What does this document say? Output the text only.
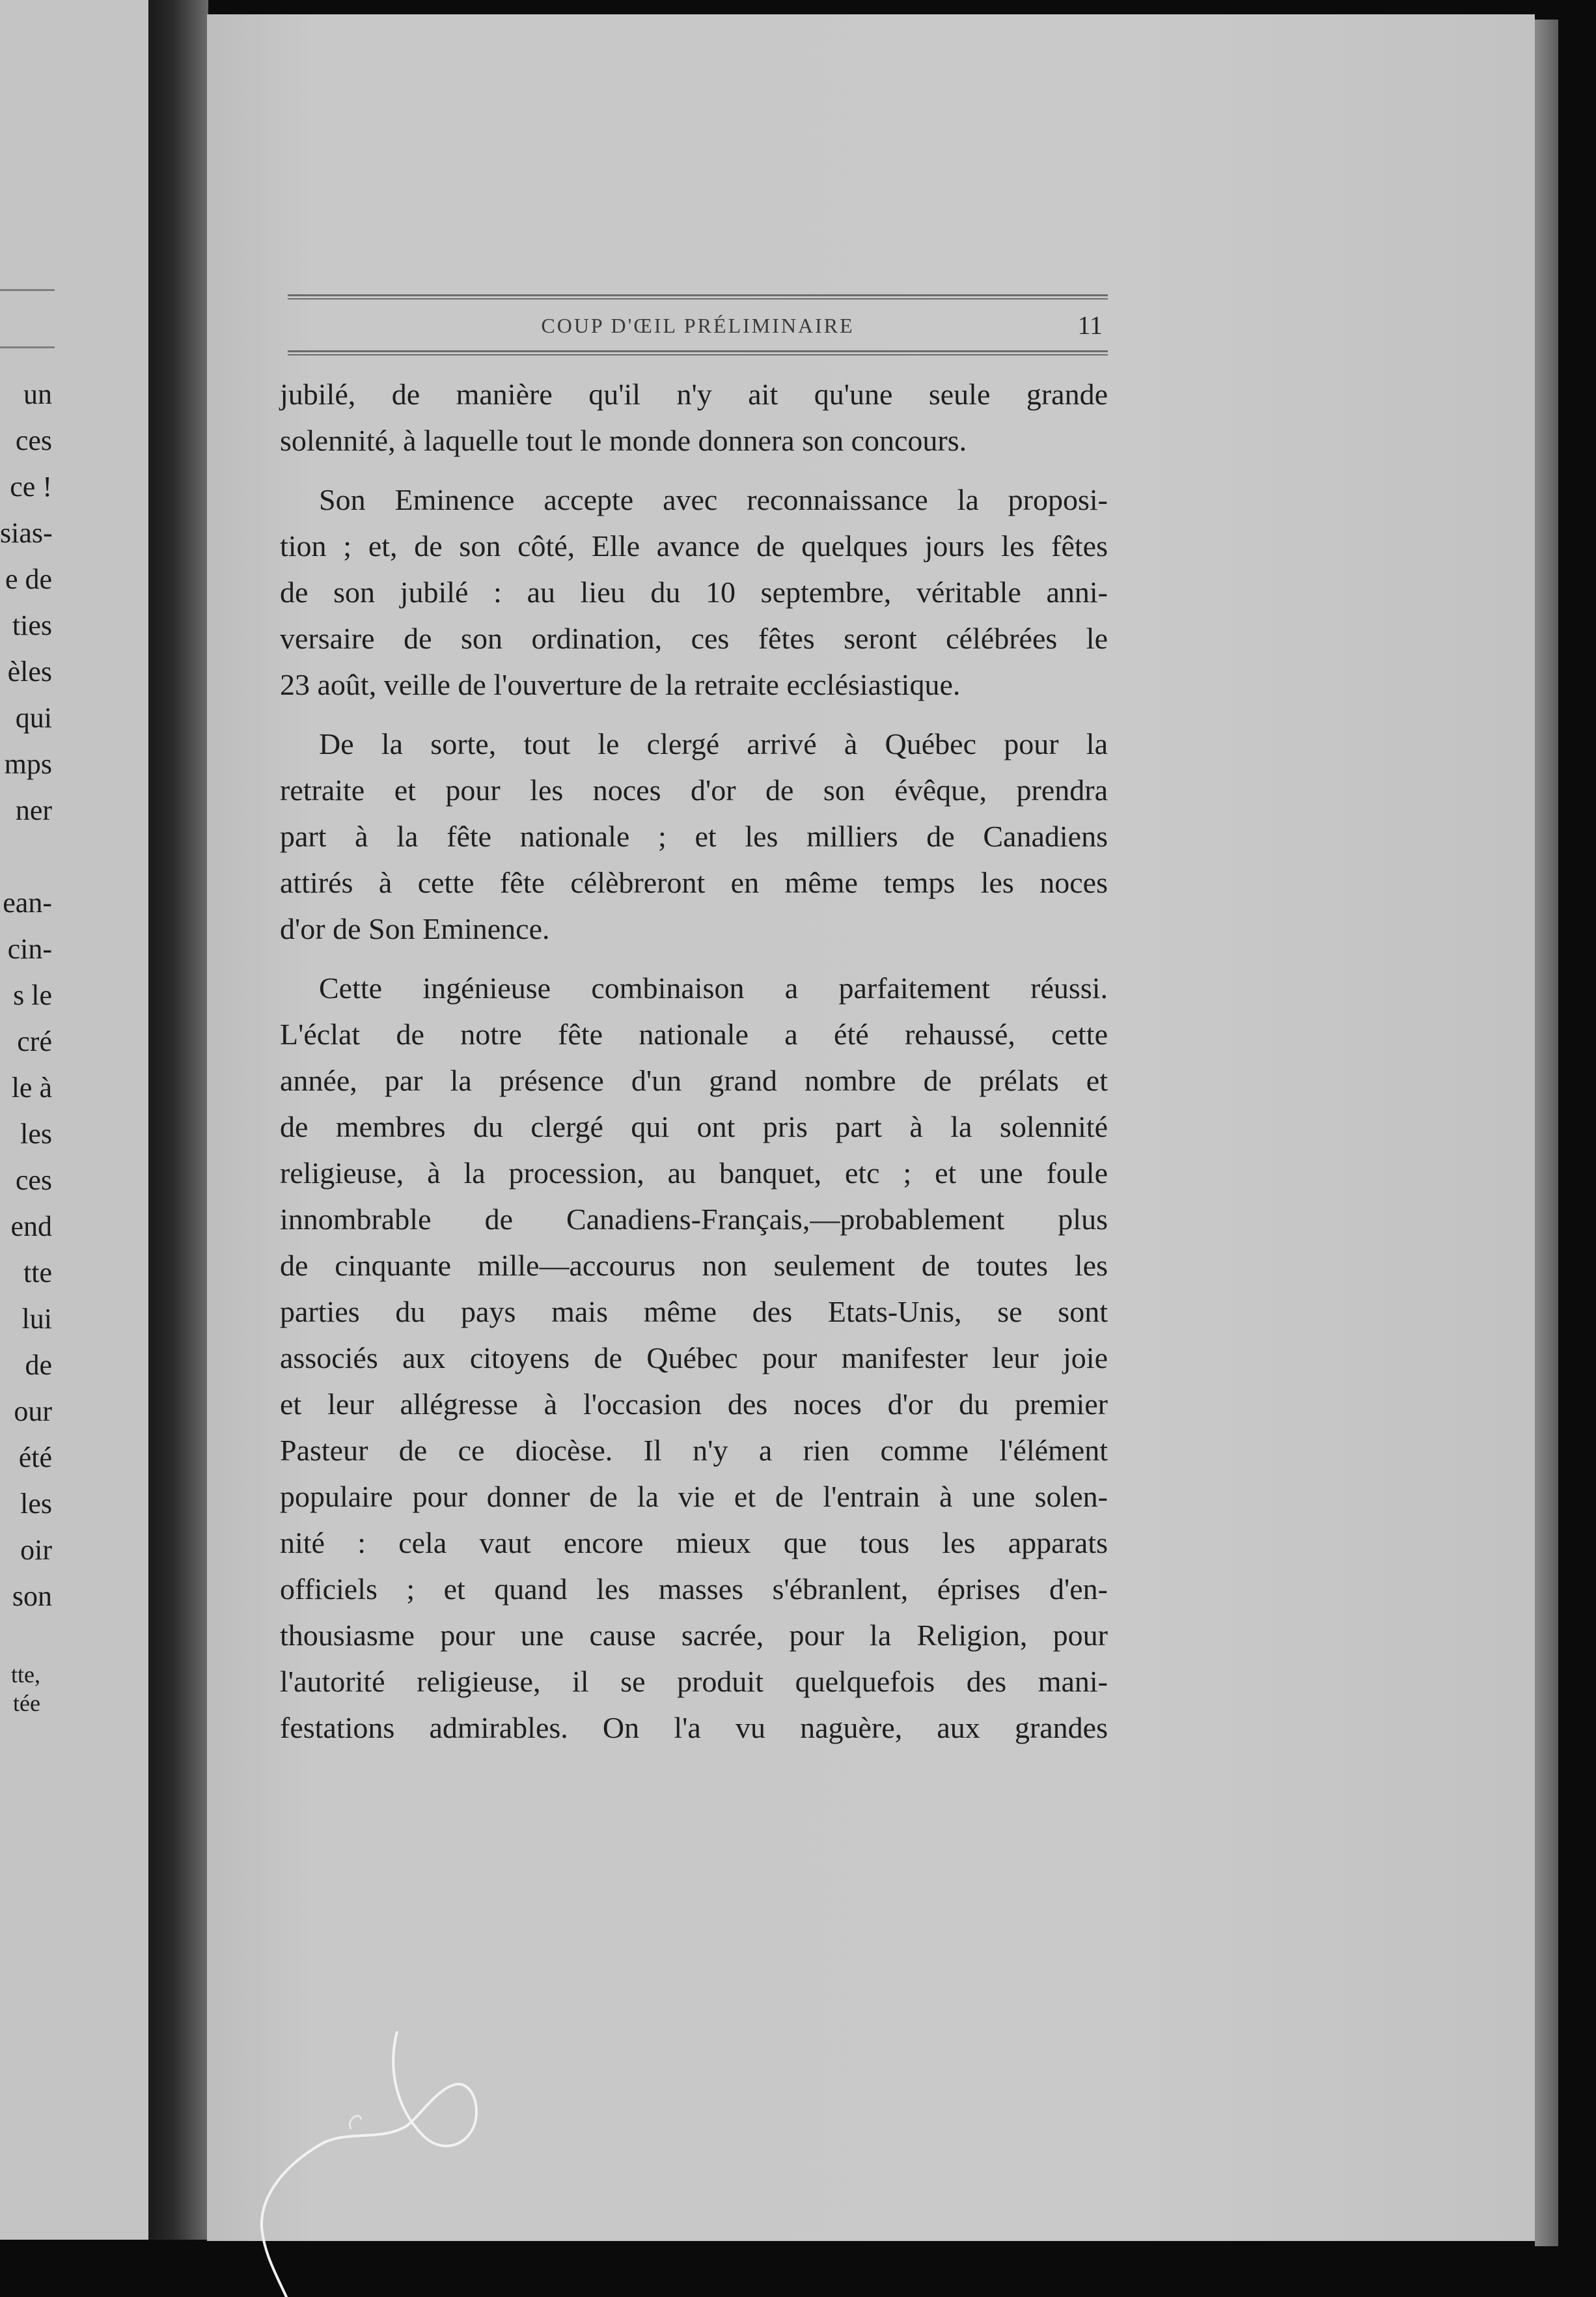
un
ces
ce !
sias-
e de
ties
èles
qui
mps
ner
ean-
cin-
s le
cré
le à
les
ces
end
tte
lui
de
our
été
les
oir
son
tte,
tée
COUP D'ŒIL PRÉLIMINAIRE	11
jubilé, de manière qu'il n'y ait qu'une seule grande
solennité, à laquelle tout le monde donnera son concours.
Son Eminence accepte avec reconnaissance la proposi-
tion ; et, de son côté, Elle avance de quelques jours les fêtes
de son jubilé : au lieu du 10 septembre, véritable anni-
versaire de son ordination, ces fêtes seront célébrées le
23 août, veille de l'ouverture de la retraite ecclésiastique.
De la sorte, tout le clergé arrivé à Québec pour la
retraite et pour les noces d'or de son évêque, prendra
part à la fête nationale ; et les milliers de Canadiens
attirés à cette fête célèbreront en même temps les noces
d'or de Son Eminence.
Cette ingénieuse combinaison a parfaitement réussi.
L'éclat de notre fête nationale a été rehaussé, cette
année, par la présence d'un grand nombre de prélats et
de membres du clergé qui ont pris part à la solennité
religieuse, à la procession, au banquet, etc ; et une foule
innombrable de Canadiens-Français,—probablement plus
de cinquante mille—accourus non seulement de toutes les
parties du pays mais même des Etats-Unis, se sont
associés aux citoyens de Québec pour manifester leur joie
et leur allégresse à l'occasion des noces d'or du premier
Pasteur de ce diocèse. Il n'y a rien comme l'élément
populaire pour donner de la vie et de l'entrain à une solen-
nité : cela vaut encore mieux que tous les apparats
officiels ; et quand les masses s'ébranlent, éprises d'en-
thousiasme pour une cause sacrée, pour la Religion, pour
l'autorité religieuse, il se produit quelquefois des mani-
festations admirables. On l'a vu naguère, aux grandes
